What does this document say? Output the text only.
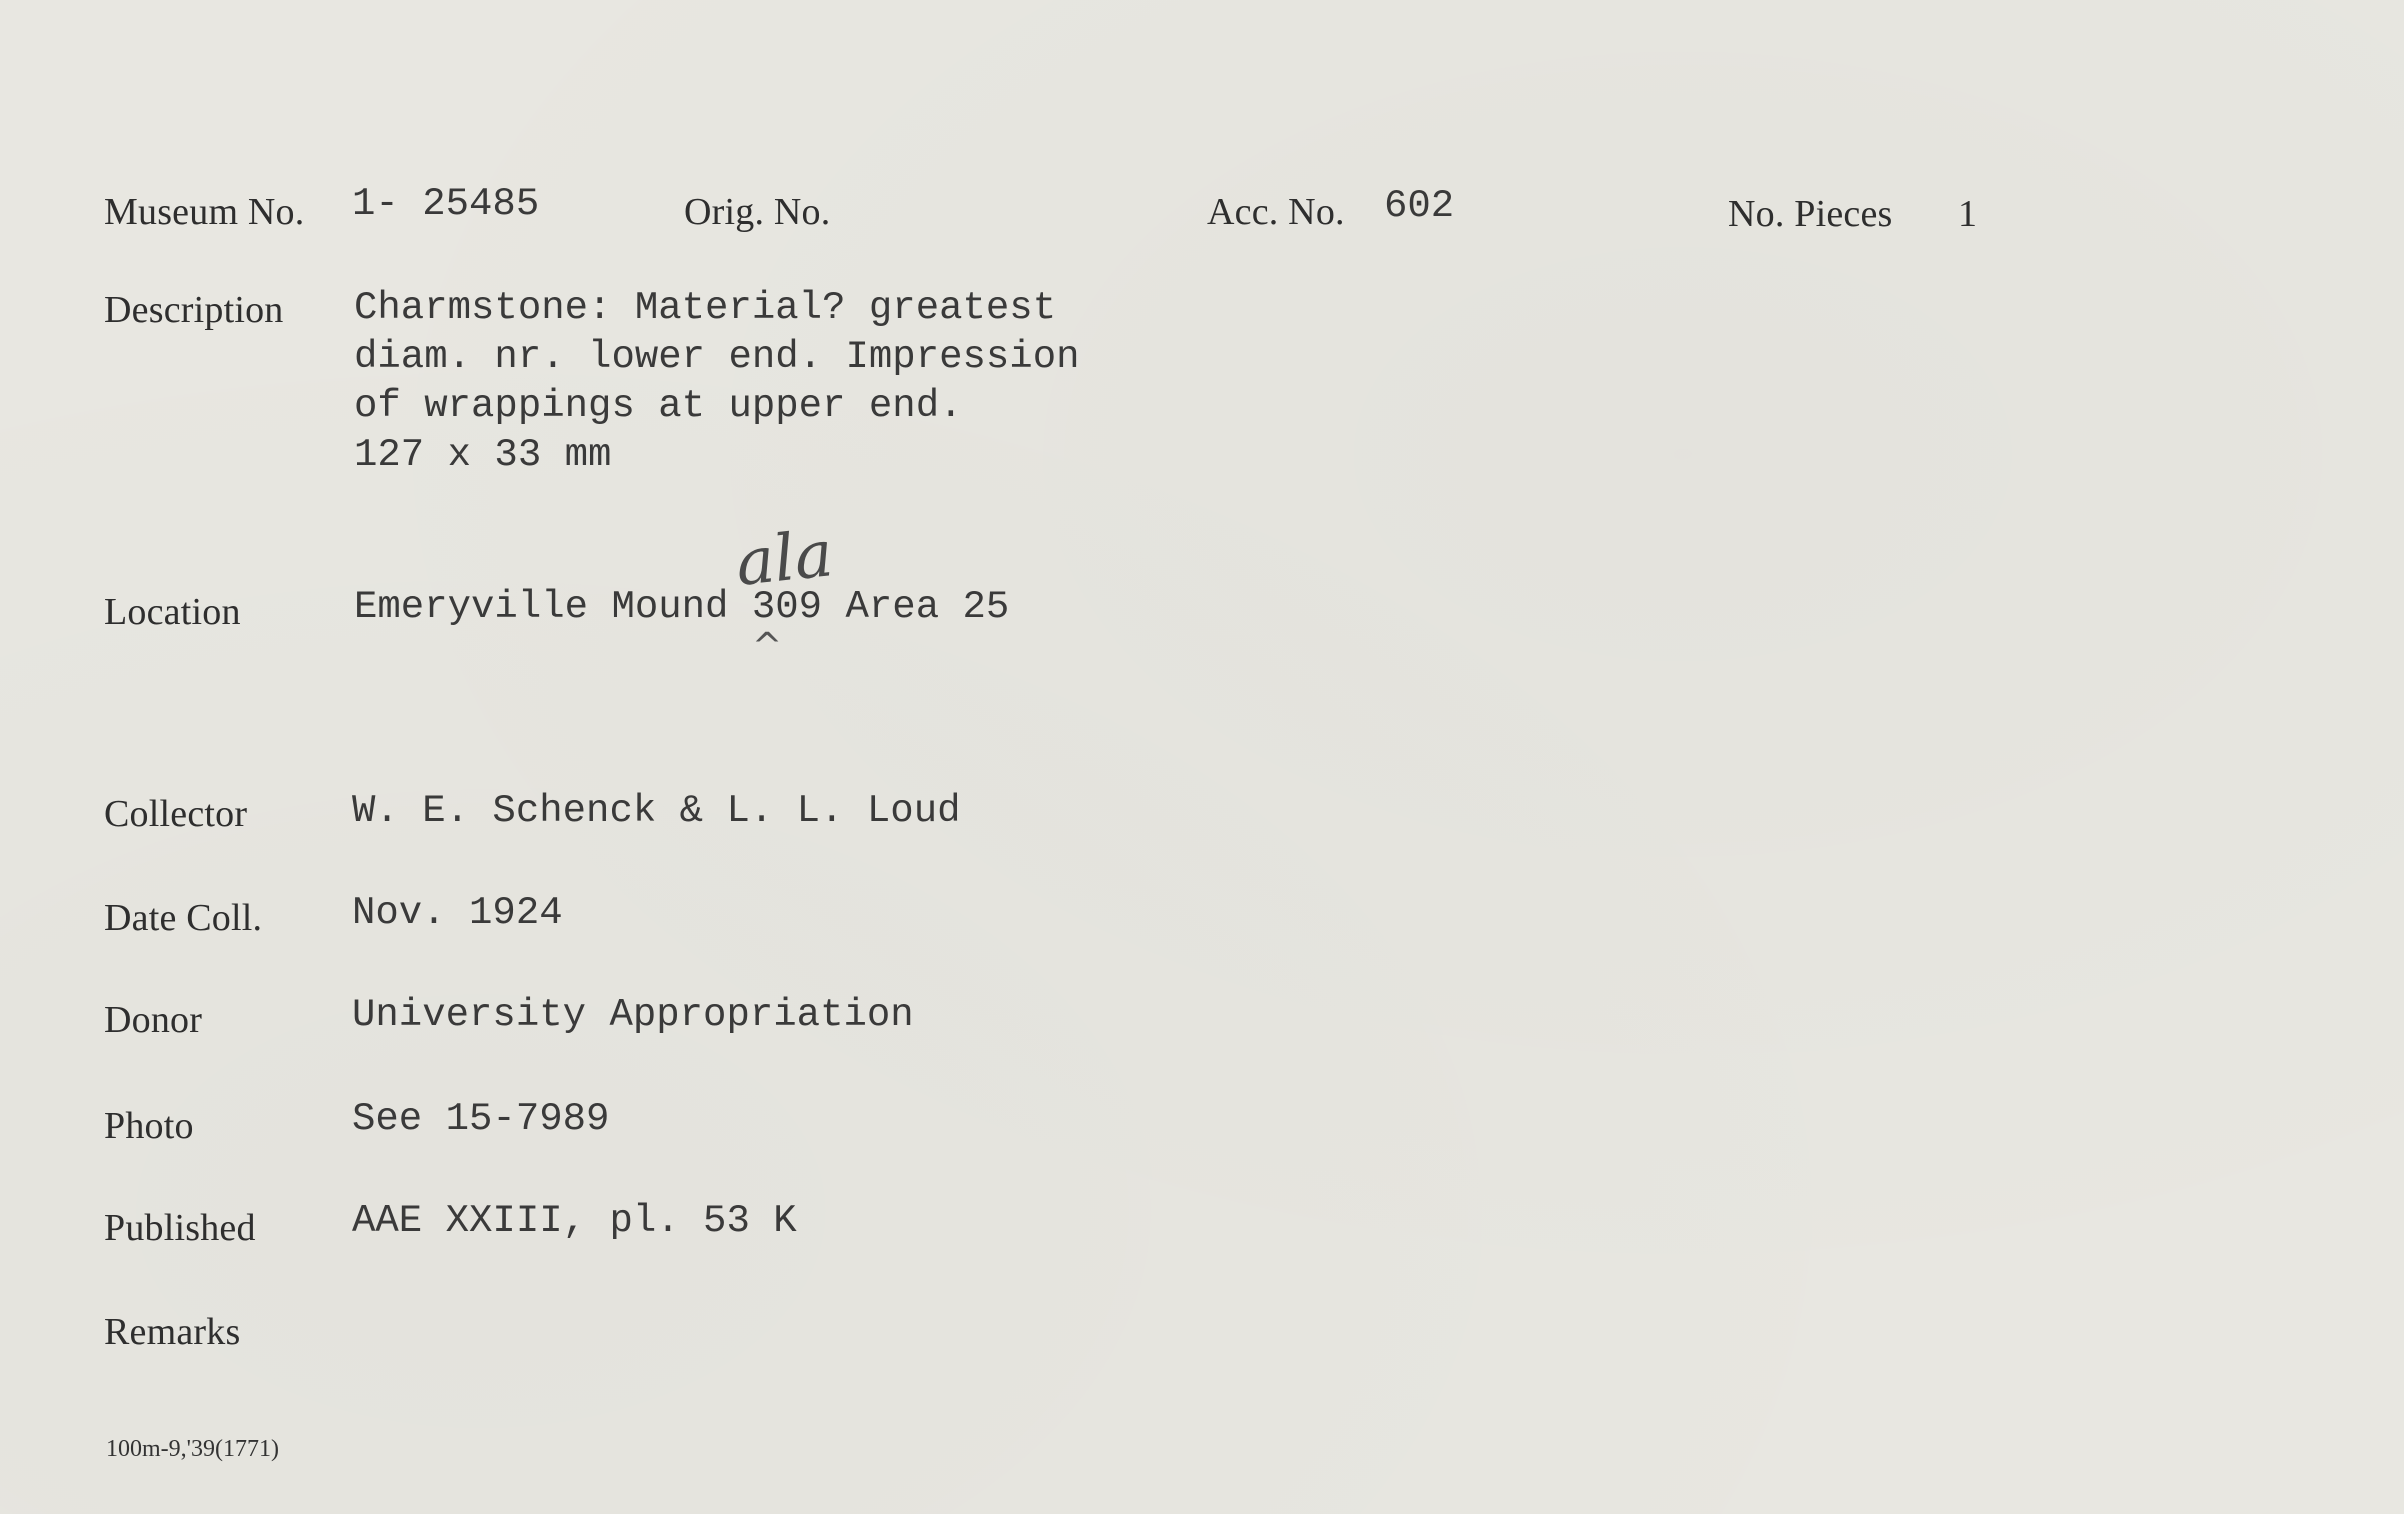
Museum No. 1- 25485	Orig. No.	Acc. No. 602	No. Pieces 1
Description Charmstone: Material? greatest
diam. nr. lower end. Impression
of wrappings at upper end.
127 x 33 mm
Location	Emeryville Mound 309 Area 25
ala
^
Collector	W. E. Schenck & L. L. Loud
Date Coll. Nov. 1924
Donor	University Appropriation
Photo	See 15-7989
Published AAE XXIII, pl. 53 K
Remarks
100m-9,'39(1771)
